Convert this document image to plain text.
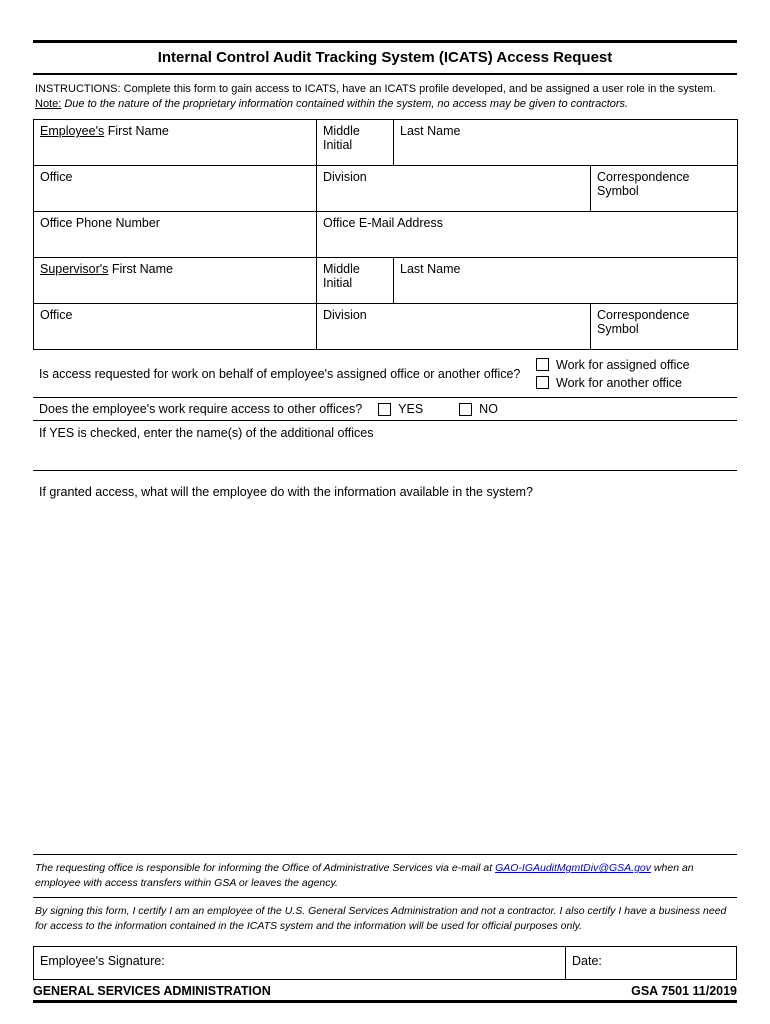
Internal Control Audit Tracking System (ICATS) Access Request

INSTRUCTIONS: Complete this form to gain access to ICATS, have an ICATS profile developed, and be assigned a user role in the system. Note: Due to the nature of the proprietary information contained within the system, no access may be given to contractors.

Employee's First Name	Middle Initial	Last Name	
Office	Division		Correspondence Symbol
Office Phone Number	Office E-Mail Address		
Supervisor's First Name	Middle Initial	Last Name	
Office	Division		Correspondence Symbol
Is access requested for work on behalf of employee's assigned office or another office?
Work for assigned office
Work for another office
Does the employee's work require access to other offices?	YES	NO
If YES is checked, enter the name(s) of the additional offices
If granted access, what will the employee do with the information available in the system?

The requesting office is responsible for informing the Office of Administrative Services via e-mail at GAO-IGAuditMgmtDiv@GSA.gov when an employee with access transfers within GSA or leaves the agency.

By signing this form, I certify I am an employee of the U.S. General Services Administration and not a contractor. I also certify I have a business need for access to the information contained in the ICATS system and the information will be used for official purposes only.

Employee's Signature:	Date:
GENERAL SERVICES ADMINISTRATION	GSA 7501 11/2019
